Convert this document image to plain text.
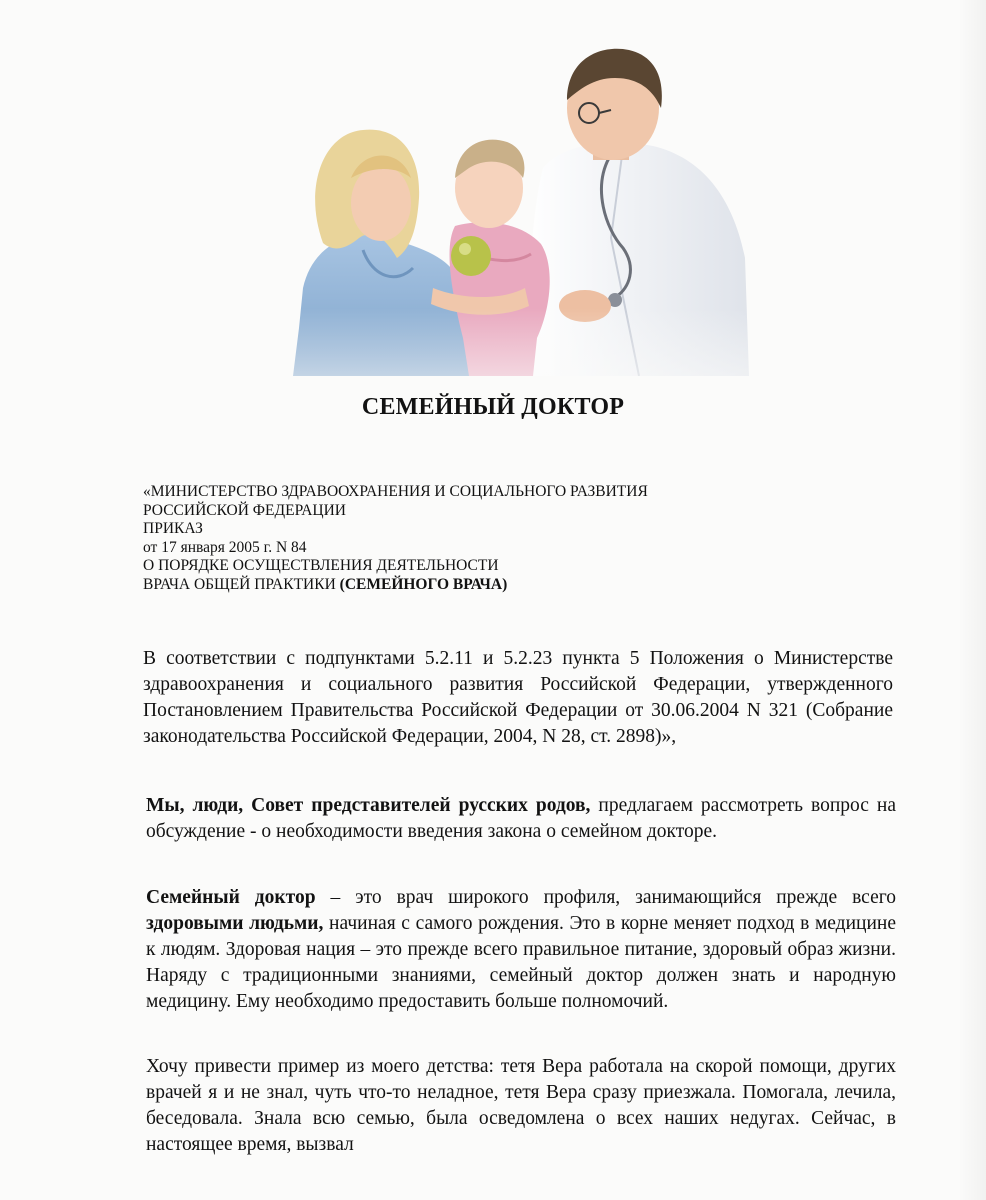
СЕМЕЙНЫЙ ДОКТОР
«МИНИСТЕРСТВО ЗДРАВООХРАНЕНИЯ И СОЦИАЛЬНОГО РАЗВИТИЯ
РОССИЙСКОЙ ФЕДЕРАЦИИ
ПРИКАЗ
от 17 января 2005 г. N 84
О ПОРЯДКЕ ОСУЩЕСТВЛЕНИЯ ДЕЯТЕЛЬНОСТИ
ВРАЧА ОБЩЕЙ ПРАКТИКИ (СЕМЕЙНОГО ВРАЧА)
В соответствии с подпунктами 5.2.11 и 5.2.23 пункта 5 Положения о Министерстве здравоохранения и социального развития Российской Федерации, утвержденного Постановлением Правительства Российской Федерации от 30.06.2004 N 321 (Собрание законодательства Российской Федерации, 2004, N 28, ст. 2898)»,
Мы, люди, Совет представителей русских родов, предлагаем рассмотреть вопрос на обсуждение - о необходимости введения закона о семейном докторе.
Семейный доктор – это врач широкого профиля, занимающийся прежде всего здоровыми людьми, начиная с самого рождения. Это в корне меняет подход в медицине к людям. Здоровая нация – это прежде всего правильное питание, здоровый образ жизни. Наряду с традиционными знаниями, семейный доктор должен знать и народную медицину. Ему необходимо предоставить больше полномочий.
Хочу привести пример из моего детства: тетя Вера работала на скорой помощи, других врачей я и не знал, чуть что-то неладное, тетя Вера сразу приезжала. Помогала, лечила, беседовала. Знала всю семью, была осведомлена о всех наших недугах. Сейчас, в настоящее время, вызвал
